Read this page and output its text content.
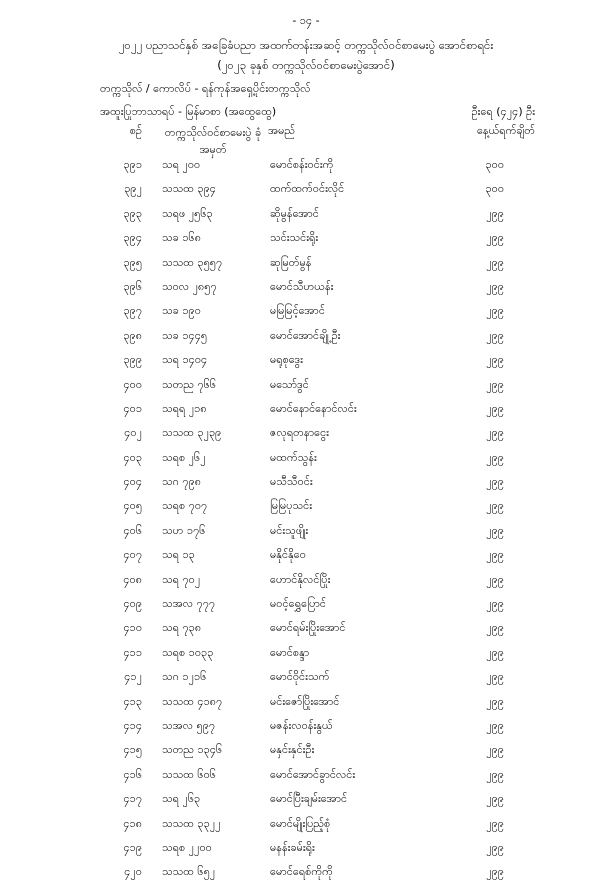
- ၁၄ -
၂၀၂၂ ပညာသင်နှစ် အခြေခံပညာ အထက်တန်းအဆင့် တက္ကသိုလ်ဝင်စာမေးပွဲ အောင်စာရင်း
(၂၀၂၃ ခုနှစ် တက္ကသိုလ်ဝင်စာမေးပွဲအောင်)
တက္ကသိုလ် / ကောလိပ် - ရန်ကုန်အရှေ့ပိုင်းတက္ကသိုလ်
အထူးပြုဘာသာရပ် - မြန်မာစာ (အထွေထွေ)	ဦးရေ (၄၂၄) ဦး
စဉ်	တက္ကသိုလ်ဝင်စာမေးပွဲ ခုံအမှတ်
အမည်	နေ့ယ်ရက်ချိတ်
၃၉၁ သရ ၂၀၀	မောင်စန်းဝင်းကို	၃၀၀
၃၉၂ သသထ ၃၉၄	ထက်ထက်ဝင်းလိုင်	၃၀၀
၃၉၃ သရဖ ၂၅၆၃	ဆိုမွန်အောင်	၂၉၉
၃၉၄ သခ ၁၆၈	သင်းသင်းရိုး	၂၉၉
၃၉၅ သသထ ၃၅၅၇	ဆုမြတ်မွန်	၂၉၉
၃၉၆ သဝလ ၂၈၅၇	မောင်သီဟယန်း	၂၉၉
၃၉၇ သခ ၁၉၀	မမြမြင့်အောင်	၂၉၉
၃၉၈ သခ ၁၄၄၅	မောင်အောင်ချို့ဦး	၂၉၉
၃၉၉ သရ ၁၄၀၄	မရုစုဒွေး	၂၉၉
၄၀၀ သတည ၇၆၆	မသော်ဒွင်	၂၉၉
၄၀၁ သရရ ၂၁၈	မောင်နောင်နောင်လင်း	၂၉၉
၄၀၂ သသထ ၃၂၃၉	ဇလုရတနာငွေး	၂၉၉
၄၀၃ သရစ ၂၆၂	မထက်သွန်း	၂၉၉
၄၀၄ သဂ ၇၉၈	မသီသီဝင်း	၂၉၉
၄၀၅ သရစ ၇၀၇	မြမြပုသင်း	၂၉၉
၄၀၆ သဟ ၁၇၆	မင်းသူဖျိုး	၂၉၉
၄၀၇ သရ ၁၃	မနိုင်နိုဝေ	၂၉၉
၄၀၈ သရ ၇၀၂	ဟောင်နိုလင်ပြိုး	၂၉၉
၄၀၉ သအလ ၇၇၇	မဝင့်ရွှေပြောင်	၂၉၉
၄၁၀ သရ ၇၃၈	မောင်ရမ်းပြိုးအောင်	၂၉၉
၄၁၁ သရစ ၁၀၃၃	မောင်စန္ဒာ	၂၉၉
၄၁၂ သဂ ၁၂၁၆	မောင်ဝိုင်းသက်	၂၉၉
၄၁၃ သသထ ၄၁၈၇	မင်းဇော်ပြိုးအောင်	၂၉၉
၄၁၄ သအလ ၅၉၇	မဇန်းလဝန်းနွယ်	၂၉၉
၄၁၅ သတည ၁၃၄၆	မနှင်းနှင်းဦး	၂၉၉
၄၁၆ သသထ ၆၀၆	မောင်အောင်ခွာင်လင်း	၂၉၉
၄၁၇ သရ ၂၆၃	မောင်ပြီးချမ်းအောင်	၂၉၉
၄၁၈ သသထ ၃၃၂၂	မောင်မျိုးပြည့်စုံ	၂၉၉
၄၁၉ သရစ ၂၂၀၀	မနန်းခမ်းရိုး	၂၉၉
၄၂၀ သသထ ၆၅၂	မောင်ရေစ်ကိုကို	၂၉၉
